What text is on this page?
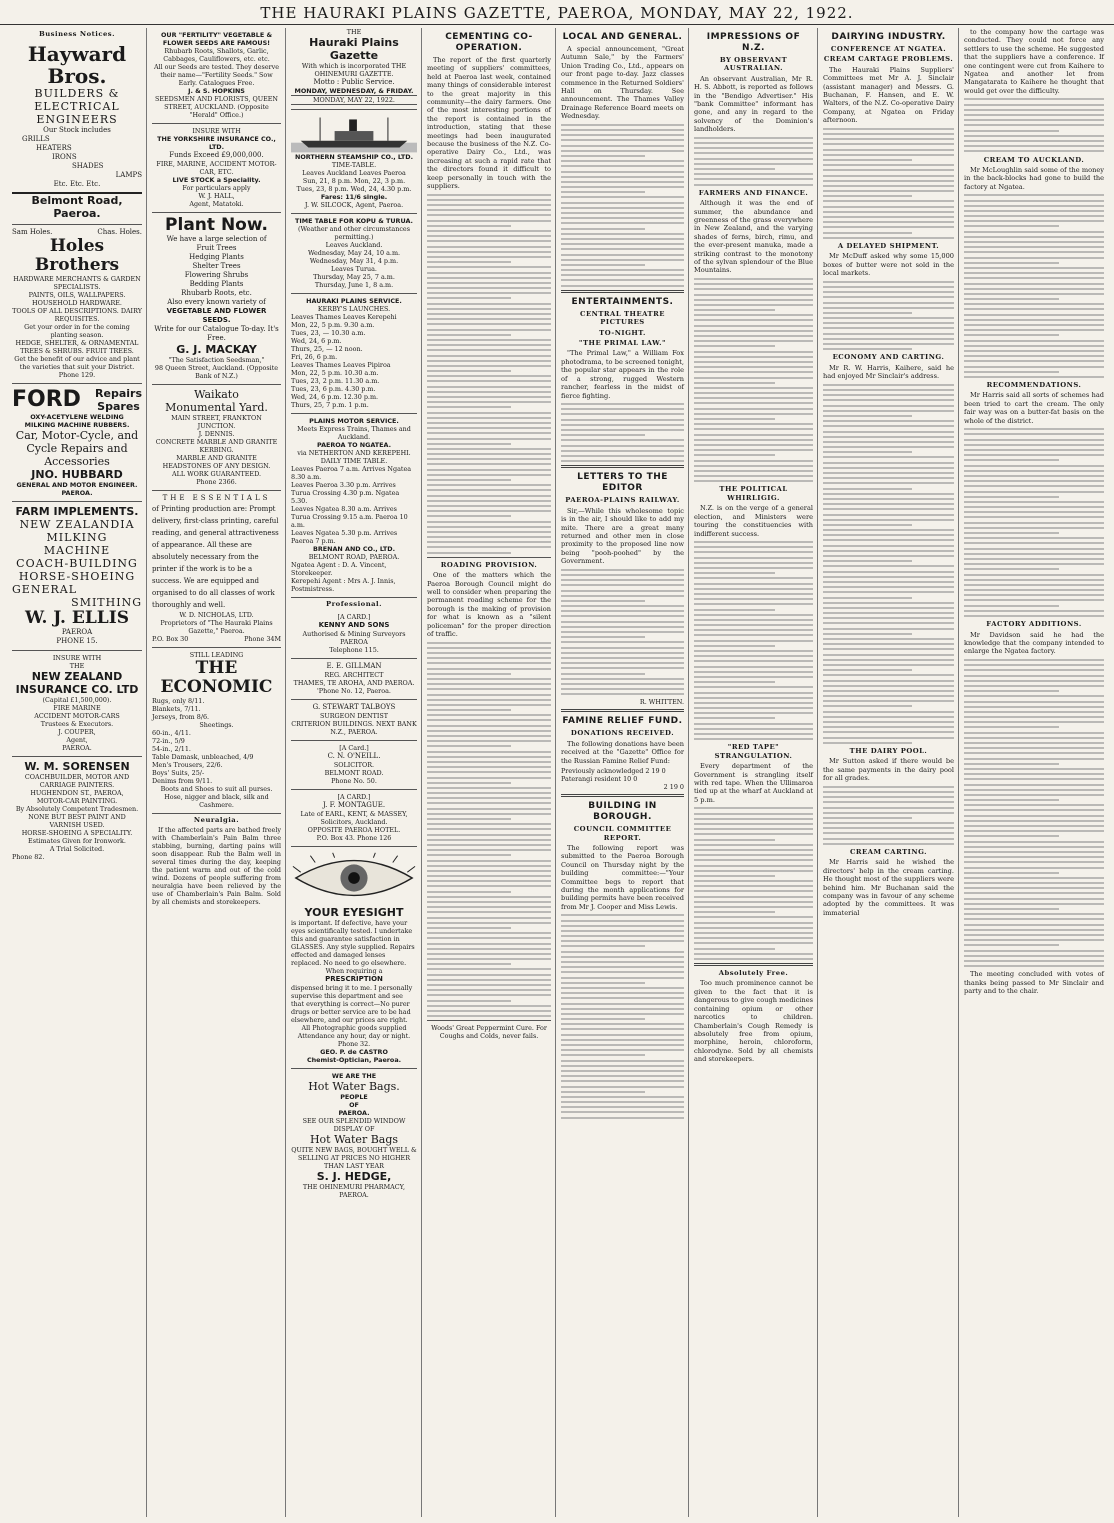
THE HAURAKI PLAINS GAZETTE, PAEROA, MONDAY, MAY 22, 1922.
Business Notices.
Hayward Bros.
BUILDERS &
ELECTRICAL
ENGINEERS
Our Stock includes
GRILLS
HEATERS
IRONS
SHADES
LAMPS
Etc. Etc. Etc.
Belmont Road, Paeroa.
Sam Holes.	Chas. Holes.
Holes Brothers
HARDWARE MERCHANTS & GARDEN SPECIALISTS.
PAINTS, OILS, WALLPAPERS.
HOUSEHOLD HARDWARE.
TOOLS OF ALL DESCRIPTIONS. DAIRY REQUISITES.
Get your order in for the coming planting season.
HEDGE, SHELTER, & ORNAMENTAL TREES & SHRUBS. FRUIT TREES.
Get the benefit of our advice and plant the varieties that suit your District.
Phone 129.
FORD Repairs
Spares
OXY-ACETYLENE WELDING
MILKING MACHINE RUBBERS.
Car, Motor-Cycle, and Cycle Repairs and Accessories
JNO. HUBBARD
GENERAL AND MOTOR ENGINEER.
PAEROA.
FARM IMPLEMENTS.
NEW ZEALANDIA
MILKING
MACHINE
COACH-BUILDING
HORSE-SHOEING
GENERAL
SMITHING
W. J. ELLIS
PAEROA
PHONE 15.
INSURE WITH
THE
NEW ZEALAND
INSURANCE CO. LTD
(Capital £1,500,000).
FIRE MARINE
ACCIDENT MOTOR-CARS
Trustees & Executors.
J. COUPER,
Agent,
PAEROA.
W. M. SORENSEN
COACHBUILDER, MOTOR AND CARRIAGE PAINTERS.
HUGHENDON ST., PAEROA,
MOTOR-CAR PAINTING.
By Absolutely Competent Tradesmen.
NONE BUT BEST PAINT AND VARNISH USED.
HORSE-SHOEING A SPECIALITY.
Estimates Given for Ironwork.
A Trial Solicited.
Phone 82.
OUR "FERTILITY" VEGETABLE & FLOWER SEEDS ARE FAMOUS!
Rhubarb Roots, Shallots, Garlic, Cabbages, Cauliflowers, etc. etc.
All our Seeds are tested. They deserve their name—"Fertility Seeds." Sow Early. Catalogues Free.
J. & S. HOPKINS
SEEDSMEN AND FLORISTS, QUEEN STREET, AUCKLAND. (Opposite "Herald" Office.)
INSURE WITH
THE YORKSHIRE INSURANCE CO., LTD.
Funds Exceed £9,000,000.
FIRE, MARINE, ACCIDENT MOTOR-CAR, ETC.
LIVE STOCK a Speciality.
For particulars apply
W. J. HALL,
Agent, Matatoki.
Plant Now.
We have a large selection of
Fruit Trees
Hedging Plants
Shelter Trees
Flowering Shrubs
Bedding Plants
Rhubarb Roots, etc.
Also every known variety of
VEGETABLE AND FLOWER SEEDS.
Write for our Catalogue To-day. It's Free.
G. J. MACKAY
"The Satisfaction Seedsman,"
98 Queen Street, Auckland. (Opposite Bank of N.Z.)
Waikato
Monumental Yard.
MAIN STREET, FRANKTON JUNCTION.
J. DENNIS.
CONCRETE MARBLE AND GRANITE KERBING.
MARBLE AND GRANITE HEADSTONES OF ANY DESIGN.
ALL WORK GUARANTEED.
Phone 2366.
THE ESSENTIALS
of Printing production are: Prompt delivery, first-class printing, careful reading, and general attractiveness of appearance. All these are absolutely necessary from the printer if the work is to be a success. We are equipped and organised to do all classes of work thoroughly and well.
W. D. NICHOLAS, LTD.
Proprietors of "The Hauraki Plains Gazette," Paeroa.
P.O. Box 30	Phone 34M
STILL LEADING
THE ECONOMIC
Rugs, only 8/11.
Blankets, 7/11.
Jerseys, from 8/6.
Sheetings.
60-in., 4/11.
72-in., 5/9
54-in., 2/11.
Table Damask, unbleached, 4/9
Men's Trousers, 22/6.
Boys' Suits, 25/-
Denims from 9/11.
Boots and Shoes to suit all purses.
Hose, nigger and black, silk and Cashmere.
Neuralgia.

If the affected parts are bathed freely with Chamberlain's Pain Balm three stabbing, burning, darting pains will soon disappear. Rub the Balm well in several times during the day, keeping the patient warm and out of the cold wind. Dozens of people suffering from neuralgia have been relieved by the use of Chamberlain's Pain Balm. Sold by all chemists and storekeepers.

THE
Hauraki Plains Gazette
With which is incorporated THE OHINEMURI GAZETTE.
Motto : Public Service.
MONDAY, WEDNESDAY, & FRIDAY.
MONDAY, MAY 22, 1922.
NORTHERN STEAMSHIP CO., LTD.
TIME-TABLE.
Leaves Auckland Leaves Paeroa
Sun, 21, 8 p.m. Mon, 22, 3 p.m.
Tues, 23, 8 p.m. Wed, 24, 4.30 p.m.
Fares: 11/6 single.
J. W. SILCOCK, Agent, Paeroa.
TIME TABLE FOR KOPU & TURUA.
(Weather and other circumstances permitting.)
Leaves Auckland.
Wednesday, May 24, 10 a.m.
Wednesday, May 31, 4 p.m.
Leaves Turua.
Thursday, May 25, 7 a.m.
Thursday, June 1, 8 a.m.
HAURAKI PLAINS SERVICE.
KERBY'S LAUNCHES.
Leaves Thames Leaves Kerepehi
Mon, 22, 5 p.m. 9.30 a.m.
Tues, 23, — 10.30 a.m.
Wed, 24, 6 p.m.
Thurs, 25, — 12 noon.
Fri, 26, 6 p.m.
Leaves Thames Leaves Pipiroa
Mon, 22, 5 p.m. 10.30 a.m.
Tues, 23, 2 p.m. 11.30 a.m.
Tues, 23, 6 p.m. 4.30 p.m.
Wed, 24, 6 p.m. 12.30 p.m.
Thurs, 25, 7 p.m. 1 p.m.
PLAINS MOTOR SERVICE.
Meets Express Trains, Thames and Auckland.
PAEROA TO NGATEA.
via NETHERTON AND KEREPEHI.
DAILY TIME TABLE.
Leaves Paeroa 7 a.m. Arrives Ngatea 8.30 a.m.
Leaves Paeroa 3.30 p.m. Arrives Turua Crossing 4.30 p.m. Ngatea 5.30.
Leaves Ngatea 8.30 a.m. Arrives Turua Crossing 9.15 a.m. Paeroa 10 a.m.
Leaves Ngatea 5.30 p.m. Arrives Paeroa 7 p.m.
BRENAN AND CO., LTD.
BELMONT ROAD, PAEROA.
Ngatea Agent : D. A. Vincent, Storekeeper.
Kerepehi Agent : Mrs A. J. Innis, Postmistress.
Professional.
[A CARD.]
KENNY AND SONS
Authorised & Mining Surveyors PAEROA
Telephone 115.
E. E. GILLMAN
REG. ARCHITECT
THAMES, TE AROHA, AND PAEROA.
'Phone No. 12, Paeroa.
G. STEWART TALBOYS
SURGEON DENTIST
CRITERION BUILDINGS. NEXT BANK N.Z., PAEROA.
[A Card.]
C. N. O'NEILL.
SOLICITOR.
BELMONT ROAD.
Phone No. 50.
[A CARD.]
J. F. MONTAGUE.
Late of EARL, KENT, & MASSEY, Solicitors, Auckland.
OPPOSITE PAEROA HOTEL.
P.O. Box 43. Phone 126
YOUR EYESIGHT
is important. If defective, have your eyes scientifically tested. I undertake this and guarantee satisfaction in GLASSES. Any style supplied. Repairs effected and damaged lenses replaced. No need to go elsewhere.
When requiring a
PRESCRIPTION
dispensed bring it to me. I personally supervise this department and see that everything is correct—No purer drugs or better service are to be had elsewhere, and our prices are right.
All Photographic goods supplied
Attendance any hour, day or night.
Phone 32.
GEO. P. de CASTRO
Chemist-Optician, Paeroa.
WE ARE THE
Hot Water Bags.
PEOPLE
OF
PAEROA.
SEE OUR SPLENDID WINDOW DISPLAY OF
Hot Water Bags
QUITE NEW BAGS, BOUGHT WELL & SELLING AT PRICES NO HIGHER THAN LAST YEAR
S. J. HEDGE,
THE OHINEMURI PHARMACY, PAEROA.
CEMENTING CO-OPERATION.

The report of the first quarterly meeting of suppliers' committees, held at Paeroa last week, contained many things of considerable interest to the great majority in this community—the dairy farmers. One of the most interesting portions of the report is contained in the introduction, stating that these meetings had been inaugurated because the business of the N.Z. Co-operative Dairy Co., Ltd., was increasing at such a rapid rate that the directors found it difficult to keep personally in touch with the suppliers.

ROADING PROVISION.

One of the matters which the Paeroa Borough Council might do well to consider when preparing the permanent roading scheme for the borough is the making of provision for what is known as a "silent policeman" for the proper direction of traffic.

Woods' Great Peppermint Cure. For Coughs and Colds, never fails.
LOCAL AND GENERAL.

A special announcement, "Great Autumn Sale," by the Farmers' Union Trading Co., Ltd., appears on our front page to-day. Jazz classes commence in the Returned Soldiers' Hall on Thursday. See announcement. The Thames Valley Drainage Reference Board meets on Wednesday.

ENTERTAINMENTS.
CENTRAL THEATRE PICTURES
TO-NIGHT.
"THE PRIMAL LAW."

"The Primal Law," a William Fox photodrama, to be screened tonight, the popular star appears in the role of a strong, rugged Western rancher, fearless in the midst of fierce fighting.

LETTERS TO THE EDITOR
PAEROA-PLAINS RAILWAY.

Sir,—While this wholesome topic is in the air, I should like to add my mite. There are a great many returned and other men in close proximity to the proposed line now being "pooh-poohed" by the Government.

R. WHITTEN.
FAMINE RELIEF FUND.
DONATIONS RECEIVED.

The following donations have been received at the "Gazette" Office for the Russian Famine Relief Fund:

Previously acknowledged 2 19 0
Paterangi resident 10 0
2 19 0
BUILDING IN BOROUGH.
COUNCIL COMMITTEE REPORT.

The following report was submitted to the Paeroa Borough Council on Thursday night by the building committee:—"Your Committee begs to report that during the month applications for building permits have been received from Mr J. Cooper and Miss Lewis.

IMPRESSIONS OF N.Z.
BY OBSERVANT AUSTRALIAN.

An observant Australian, Mr R. H. S. Abbott, is reported as follows in the "Bendigo Advertiser." His "bank Committee" informant has gone, and any in regard to the solvency of the Dominion's landholders.

FARMERS AND FINANCE.

Although it was the end of summer, the abundance and greenness of the grass everywhere in New Zealand, and the varying shades of ferns, birch, rimu, and the ever-present manuka, made a striking contrast to the monotony of the sylvan splendour of the Blue Mountains.

THE POLITICAL WHIRLIGIG.

N.Z. is on the verge of a general election, and Ministers were touring the constituencies with indifferent success.

"RED TAPE" STRANGULATION.

Every department of the Government is strangling itself with red tape. When the Ullimaroa tied up at the wharf at Auckland at 5 p.m.

Absolutely Free.

Too much prominence cannot be given to the fact that it is dangerous to give cough medicines containing opium or other narcotics to children. Chamberlain's Cough Remedy is absolutely free from opium, morphine, heroin, chloroform, chlorodyne. Sold by all chemists and storekeepers.

DAIRYING INDUSTRY.
CONFERENCE AT NGATEA.
CREAM CARTAGE PROBLEMS.

The Hauraki Plains Suppliers' Committees met Mr A. J. Sinclair (assistant manager) and Messrs. G. Buchanan, F. Hansen, and E. W. Walters, of the N.Z. Co-operative Dairy Company, at Ngatea on Friday afternoon.

A DELAYED SHIPMENT.

Mr McDuff asked why some 15,000 boxes of butter were not sold in the local markets.

ECONOMY AND CARTING.

Mr R. W. Harris, Kaihere, said he had enjoyed Mr Sinclair's address.

THE DAIRY POOL.

Mr Sutton asked if there would be the same payments in the dairy pool for all grades.

CREAM CARTING.

Mr Harris said he wished the directors' help in the cream carting. He thought most of the suppliers were behind him. Mr Buchanan said the company was in favour of any scheme adopted by the committees. It was immaterial

to the company how the cartage was conducted. They could not force any settlers to use the scheme. He suggested that the suppliers have a conference. If one contingent were cut from Kaihere to Ngatea and another let from Mangatarata to Kaihere he thought that would get over the difficulty.

CREAM TO AUCKLAND.

Mr McLoughlin said some of the money in the back-blocks had gone to build the factory at Ngatea.

RECOMMENDATIONS.

Mr Harris said all sorts of schemes had been tried to cart the cream. The only fair way was on a butter-fat basis on the whole of the district.

FACTORY ADDITIONS.

Mr Davidson said he had the knowledge that the company intended to enlarge the Ngatea factory.

The meeting concluded with votes of thanks being passed to Mr Sinclair and party and to the chair.
